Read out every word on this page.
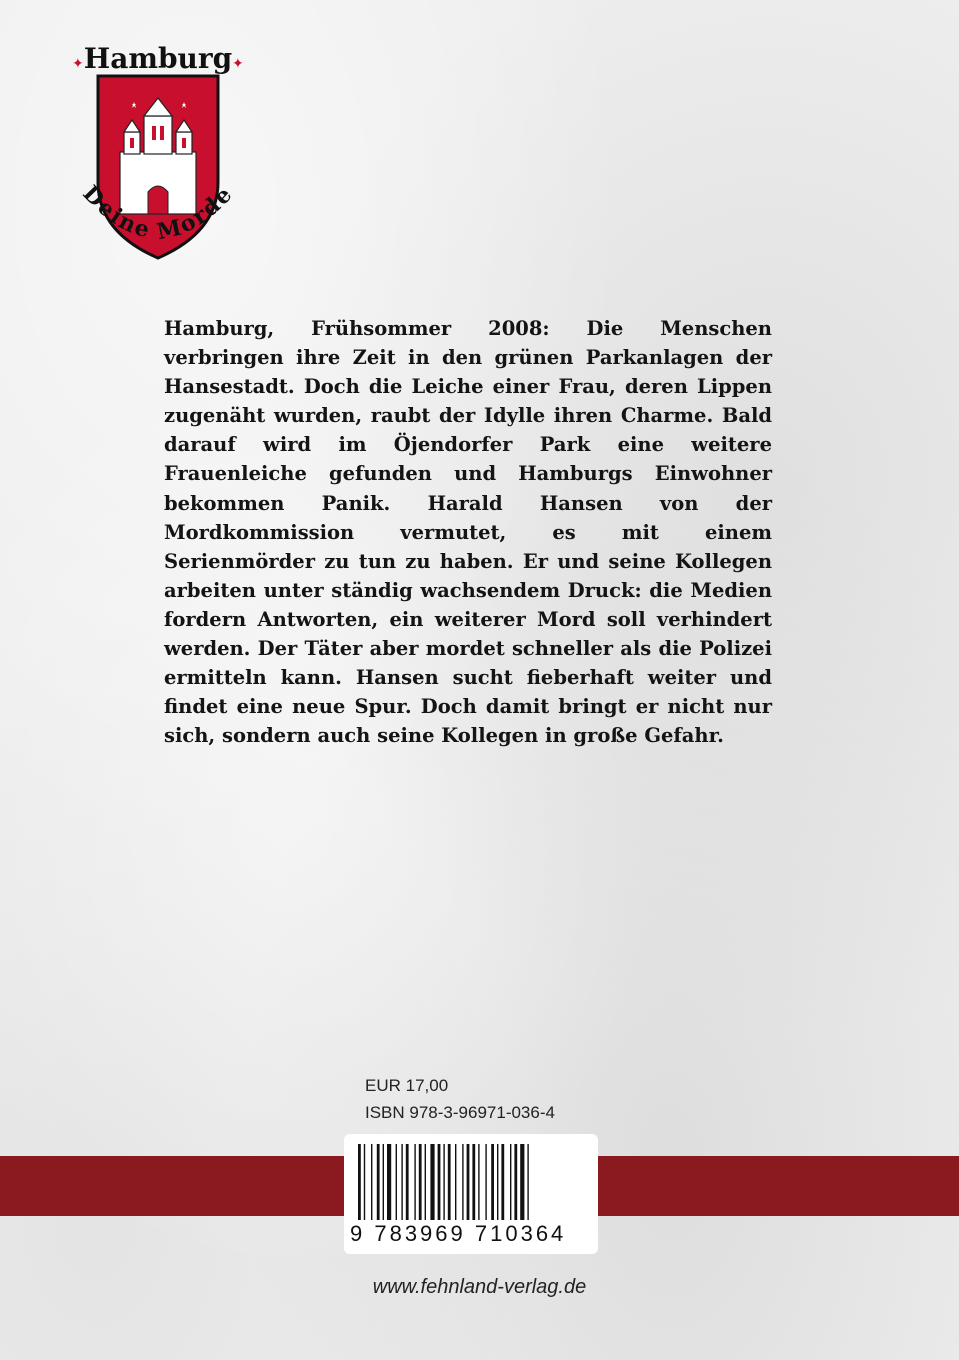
✦	✦
Hamburg
Deine Morde

Hamburg, Frühsommer 2008: Die Menschen verbringen ihre Zeit in den grünen Parkanlagen der Hansestadt. Doch die Leiche einer Frau, deren Lippen zugenäht wurden, raubt der Idylle ihren Charme. Bald darauf wird im Öjendorfer Park eine weitere Frauenleiche gefunden und Hamburgs Einwohner bekommen Panik. Harald Hansen von der Mordkommission vermutet, es mit einem Serienmörder zu tun zu haben. Er und seine Kollegen arbeiten unter ständig wachsendem Druck: die Medien fordern Antworten, ein weiterer Mord soll verhindert werden. Der Täter aber mordet schneller als die Polizei ermitteln kann. Hansen sucht fieberhaft weiter und findet eine neue Spur. Doch damit bringt er nicht nur sich, sondern auch seine Kollegen in große Gefahr.

EUR 17,00
ISBN 978-3-96971-036-4
9 783969 710364
www.fehnland-verlag.de
